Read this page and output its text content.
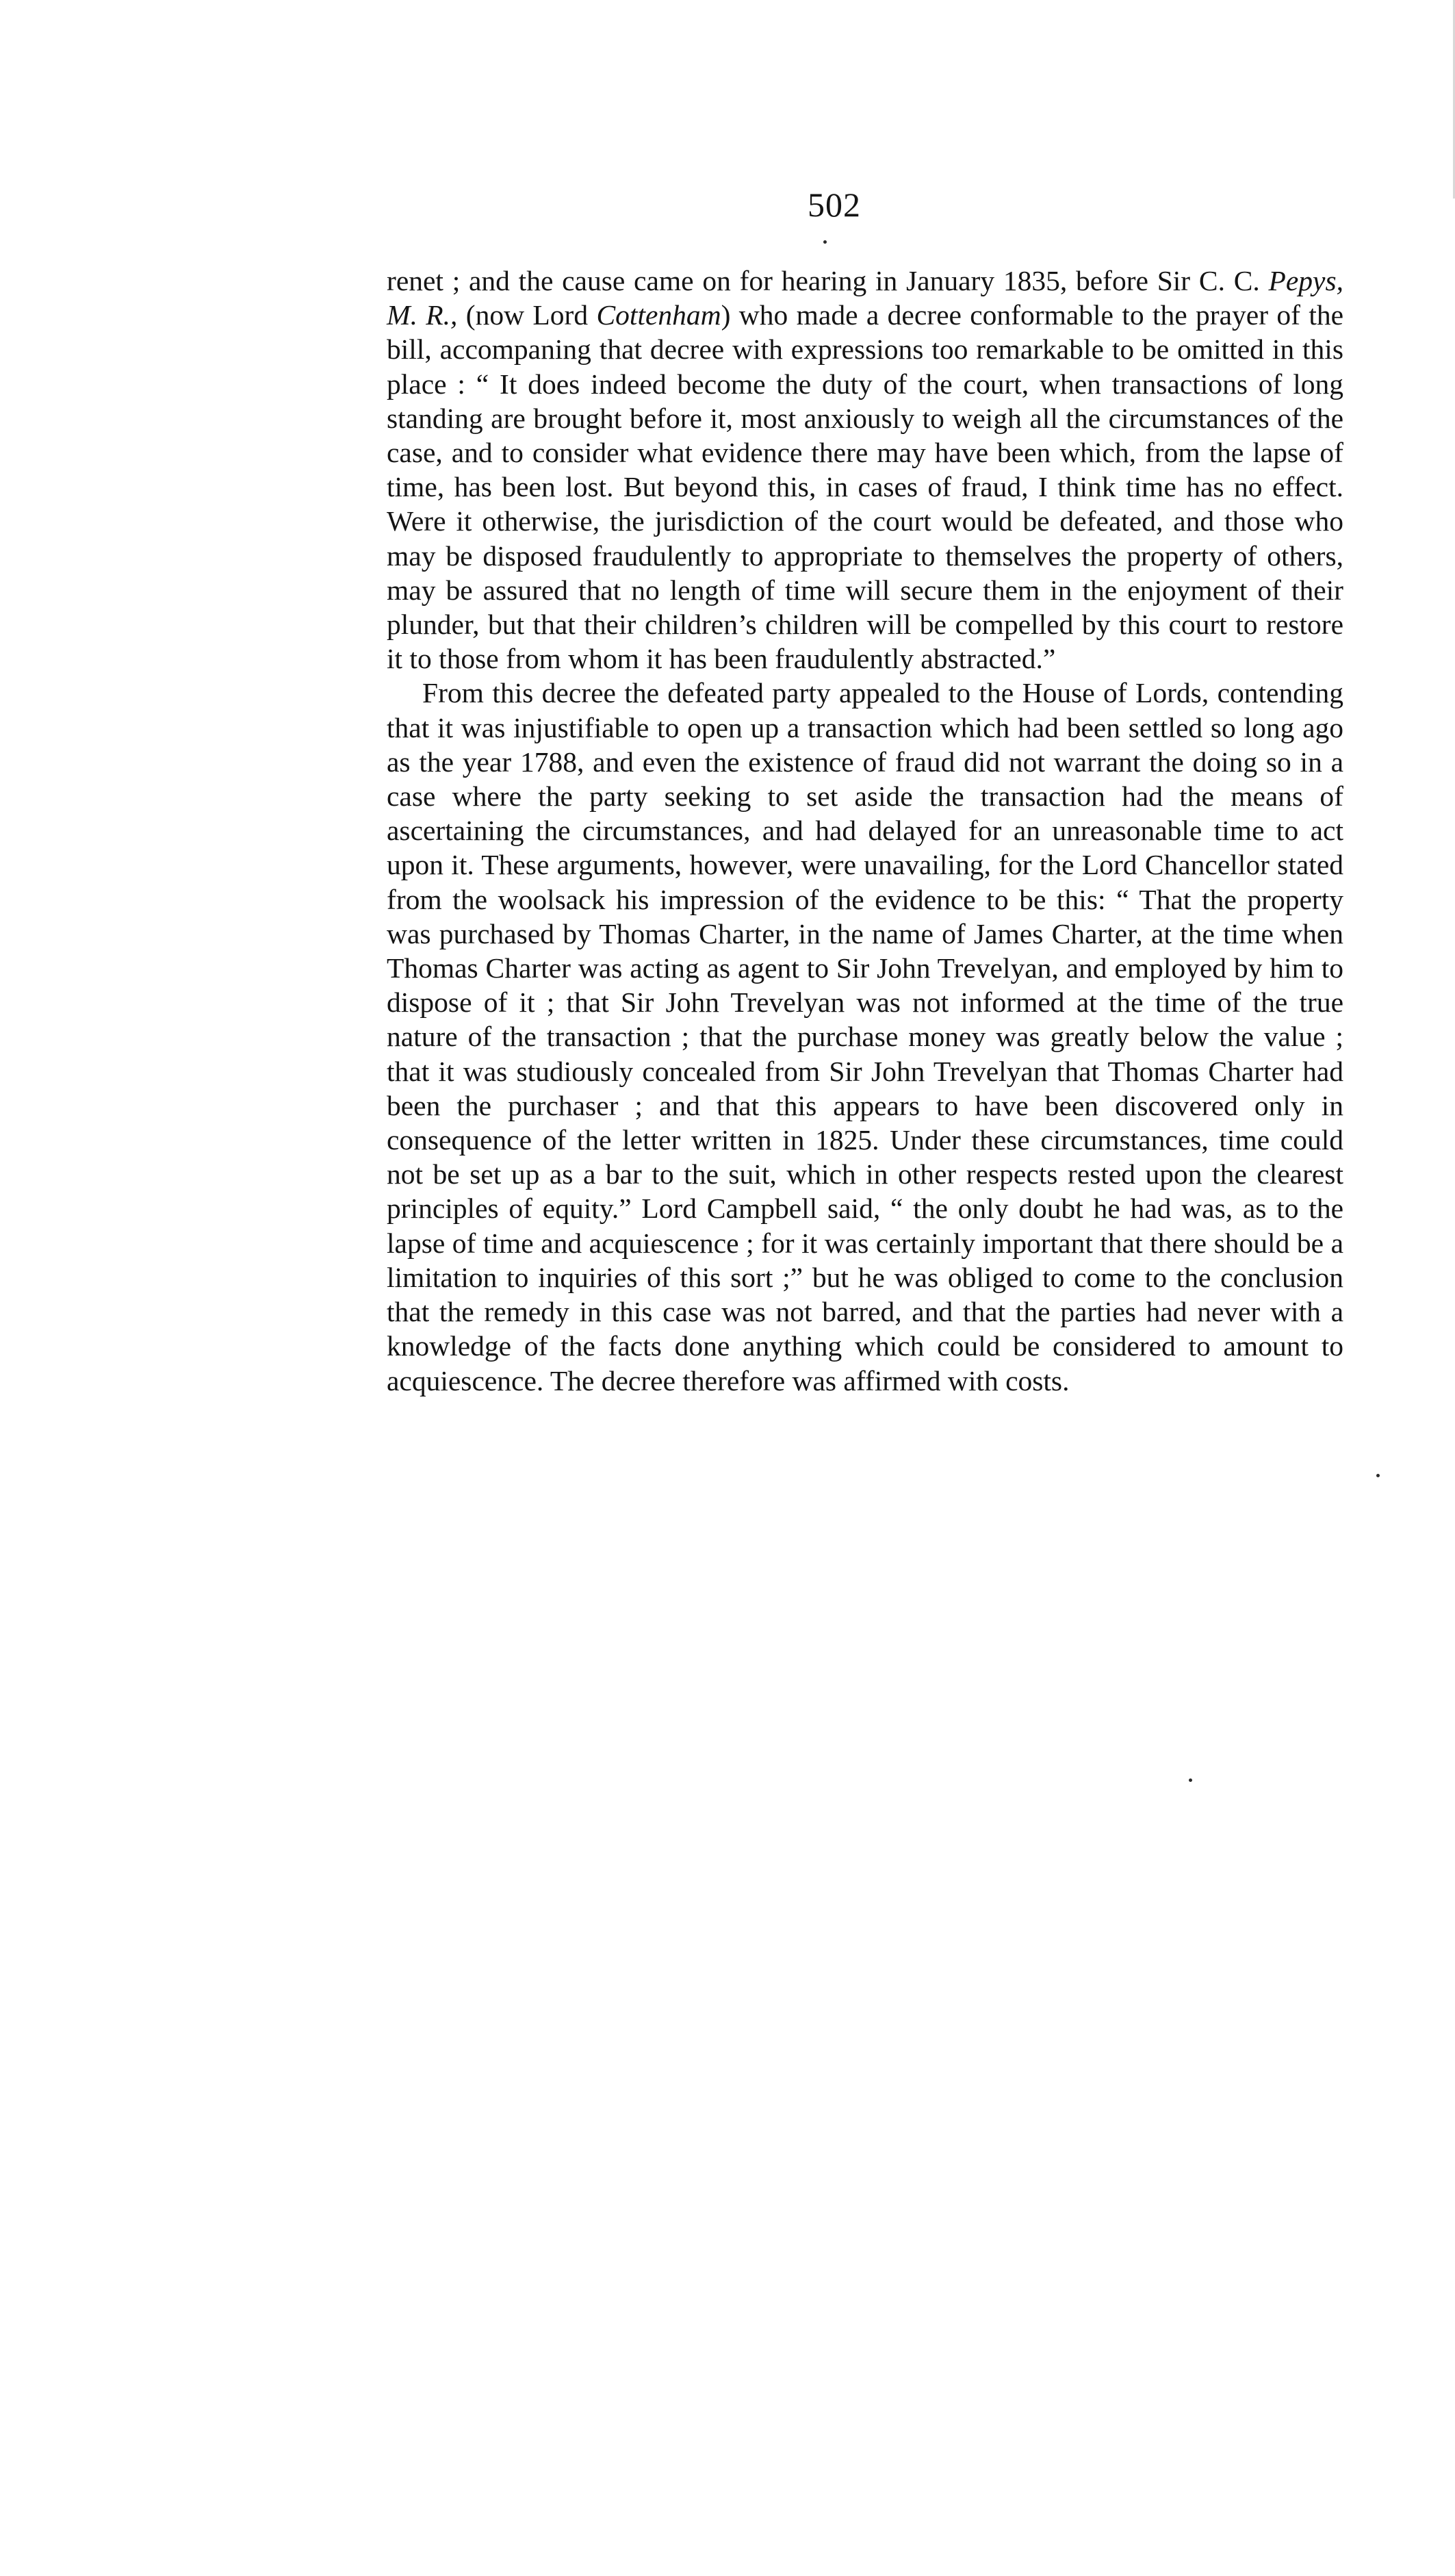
502

renet ; and the cause came on for hearing in January 1835, before Sir C. C. Pepys, M. R., (now Lord Cottenham) who made a decree conformable to the prayer of the bill, accompaning that decree with expressions too remarkable to be omitted in this place : “ It does indeed become the duty of the court, when transactions of long standing are brought before it, most anxiously to weigh all the circumstances of the case, and to consider what evidence there may have been which, from the lapse of time, has been lost. But beyond this, in cases of fraud, I think time has no effect. Were it otherwise, the jurisdiction of the court would be defeated, and those who may be disposed fraudulently to appropriate to themselves the property of others, may be assured that no length of time will secure them in the enjoyment of their plunder, but that their children’s children will be compelled by this court to restore it to those from whom it has been fraudulently abstracted.”

From this decree the defeated party appealed to the House of Lords, contending that it was injustifiable to open up a transaction which had been settled so long ago as the year 1788, and even the existence of fraud did not warrant the doing so in a case where the party seeking to set aside the transaction had the means of ascertaining the circumstances, and had delayed for an unreasonable time to act upon it. These arguments, however, were unavailing, for the Lord Chancellor stated from the woolsack his impression of the evidence to be this: “ That the property was purchased by Thomas Charter, in the name of James Charter, at the time when Thomas Charter was acting as agent to Sir John Trevelyan, and employed by him to dispose of it ; that Sir John Trevelyan was not informed at the time of the true nature of the transaction ; that the purchase money was greatly below the value ; that it was studiously concealed from Sir John Trevelyan that Thomas Charter had been the purchaser ; and that this appears to have been discovered only in consequence of the letter written in 1825. Under these circumstances, time could not be set up as a bar to the suit, which in other respects rested upon the clearest principles of equity.” Lord Campbell said, “ the only doubt he had was, as to the lapse of time and acquiescence ; for it was certainly important that there should be a limitation to inquiries of this sort ;” but he was obliged to come to the conclusion that the remedy in this case was not barred, and that the parties had never with a knowledge of the facts done anything which could be considered to amount to acquiescence. The decree therefore was affirmed with costs.
